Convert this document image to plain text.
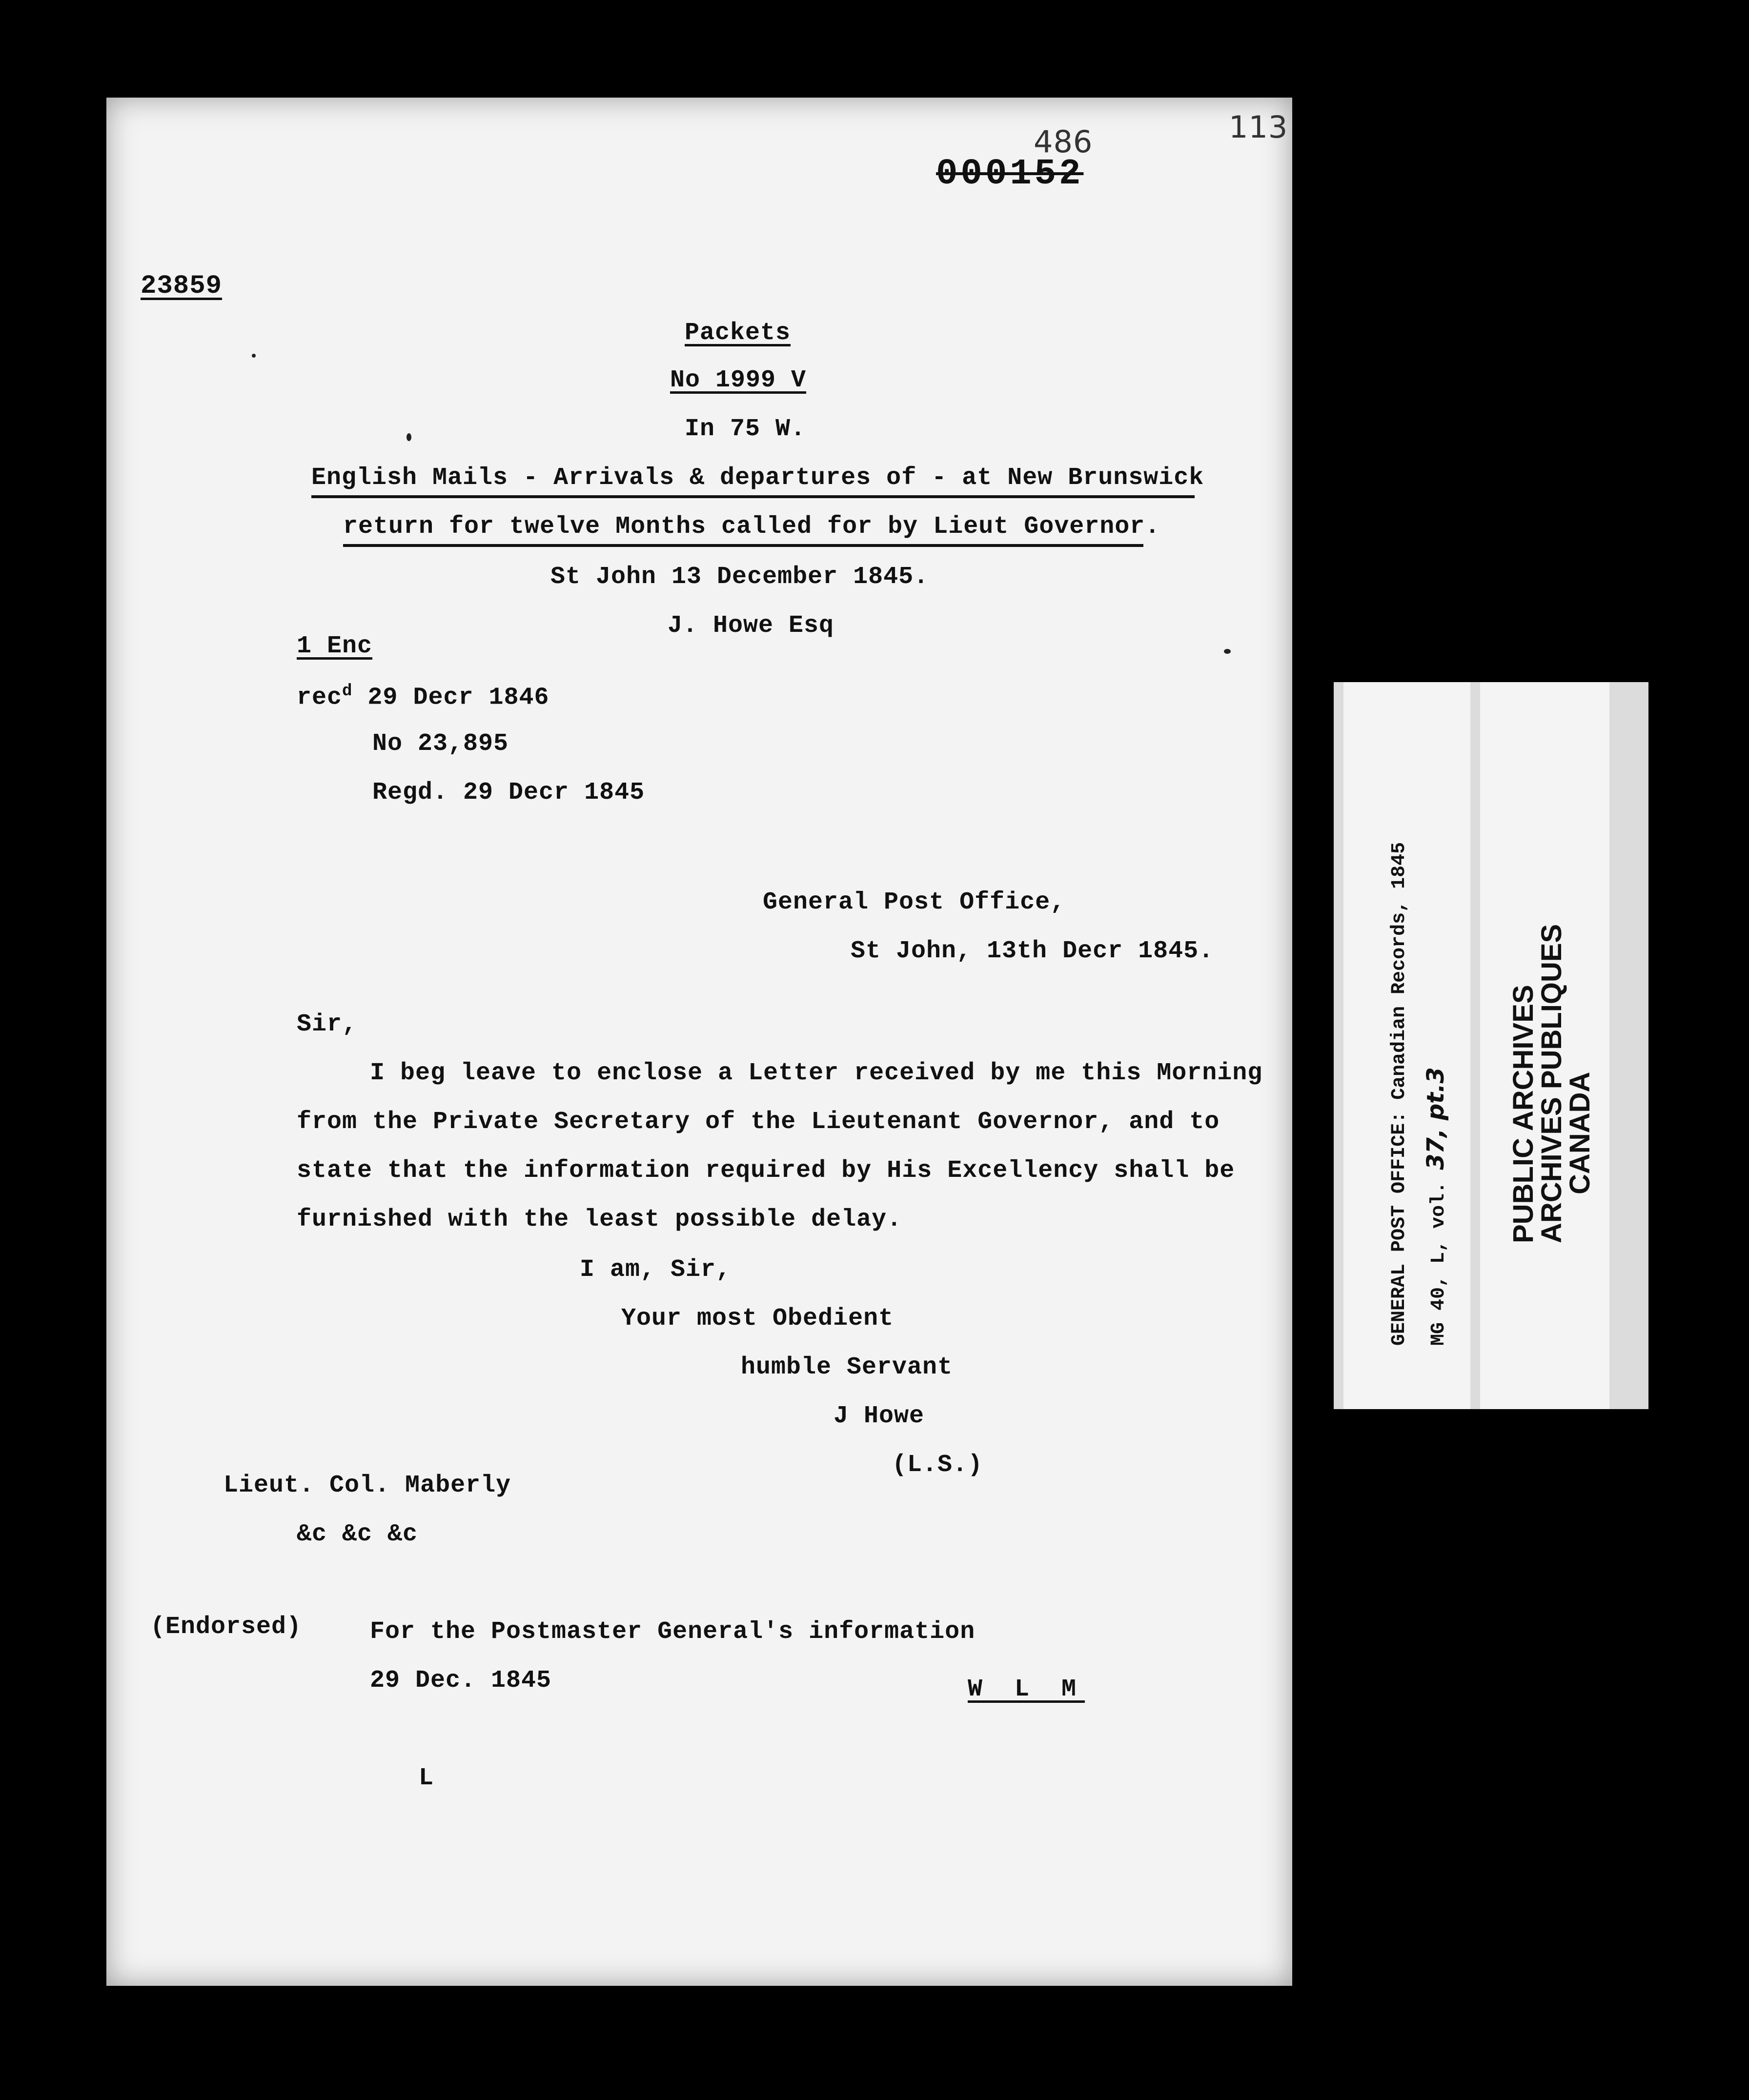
486
000152
113
23859
Packets
No 1999 V
In 75 W.
English Mails - Arrivals & departures of - at New Brunswick
return for twelve Months called for by Lieut Governor.
St John 13 December 1845.
J. Howe Esq
1 Enc
rec$^d$ 29 Decr 1846
No 23,895
Regd. 29 Decr 1845
General Post Office,
St John, 13th Decr 1845.
Sir,
I beg leave to enclose a Letter received by me this Morning
from the Private Secretary of the Lieutenant Governor, and to
state that the information required by His Excellency shall be
furnished with the least possible delay.
I am, Sir,
Your most Obedient
humble Servant
J Howe
(L.S.)
Lieut. Col. Maberly
&c &c &c
(Endorsed)	For the Postmaster General's information
29 Dec. 1845	W L M
L
GENERAL POST OFFICE: Canadian Records, 1845 MG 40, L, vol. 37, pt.3 PUBLIC ARCHIVES
ARCHIVES PUBLIQUES
CANADA
